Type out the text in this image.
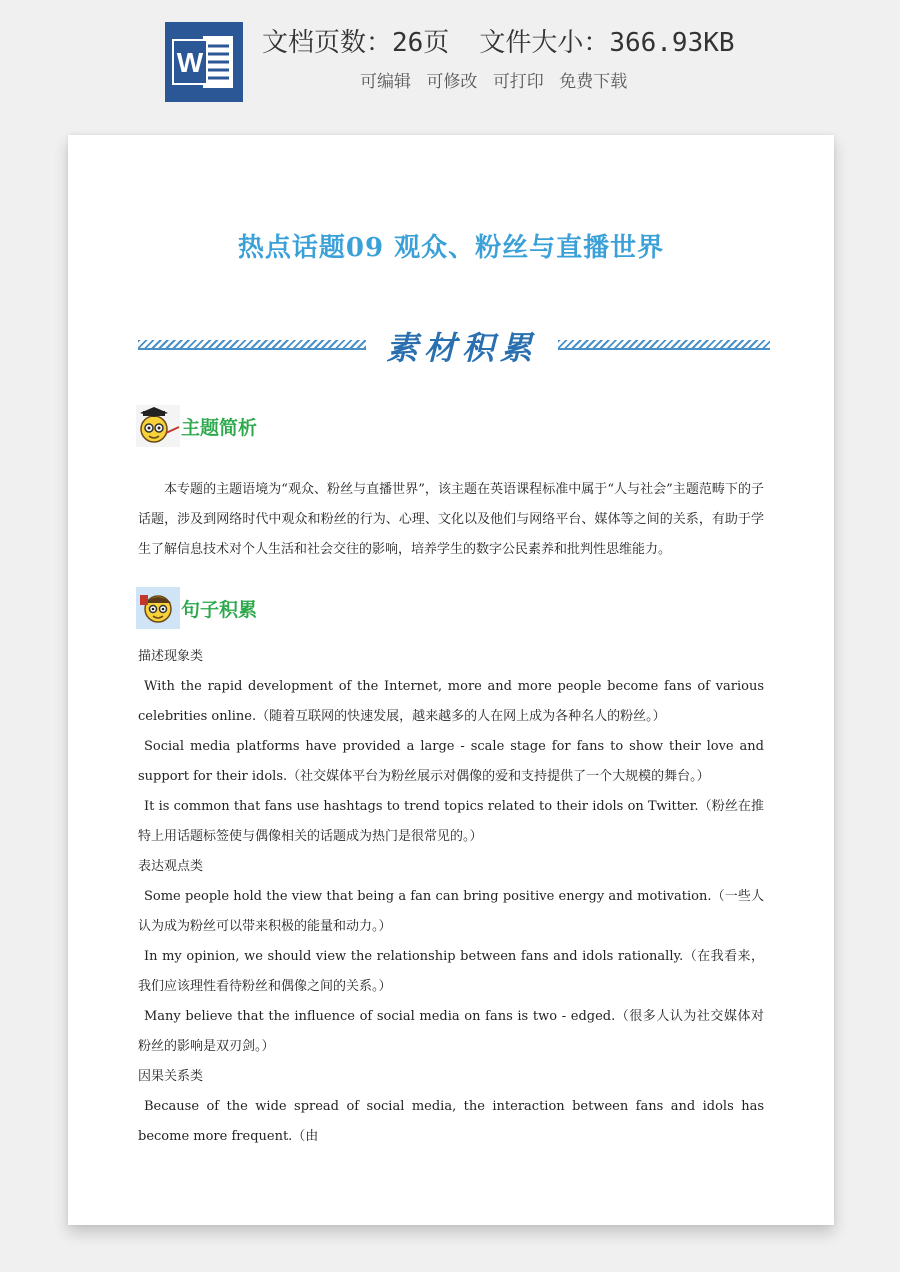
W
文档页数：26页 文件大小：366.93KB
可编辑 可修改 可打印 免费下载
热点话题09 观众、粉丝与直播世界
素材积累
主题简析
本专题的主题语境为“观众、粉丝与直播世界”，该主题在英语课程标准中属于“人与社会”主题范畴下的子话题，涉及到网络时代中观众和粉丝的行为、心理、文化以及他们与网络平台、媒体等之间的关系，有助于学生了解信息技术对个人生活和社会交往的影响，培养学生的数字公民素养和批判性思维能力。
句子积累
描述现象类
With the rapid development of the Internet, more and more people become fans of various celebrities online.（随着互联网的快速发展，越来越多的人在网上成为各种名人的粉丝。）
Social media platforms have provided a large - scale stage for fans to show their love and support for their idols.（社交媒体平台为粉丝展示对偶像的爱和支持提供了一个大规模的舞台。）
It is common that fans use hashtags to trend topics related to their idols on Twitter.（粉丝在推特上用话题标签使与偶像相关的话题成为热门是很常见的。）
表达观点类
Some people hold the view that being a fan can bring positive energy and motivation.（一些人认为成为粉丝可以带来积极的能量和动力。）
In my opinion, we should view the relationship between fans and idols rationally.（在我看来，我们应该理性看待粉丝和偶像之间的关系。）
Many believe that the influence of social media on fans is two - edged.（很多人认为社交媒体对粉丝的影响是双刃剑。）
因果关系类
Because of the wide spread of social media, the interaction between fans and idols has become more frequent.（由
